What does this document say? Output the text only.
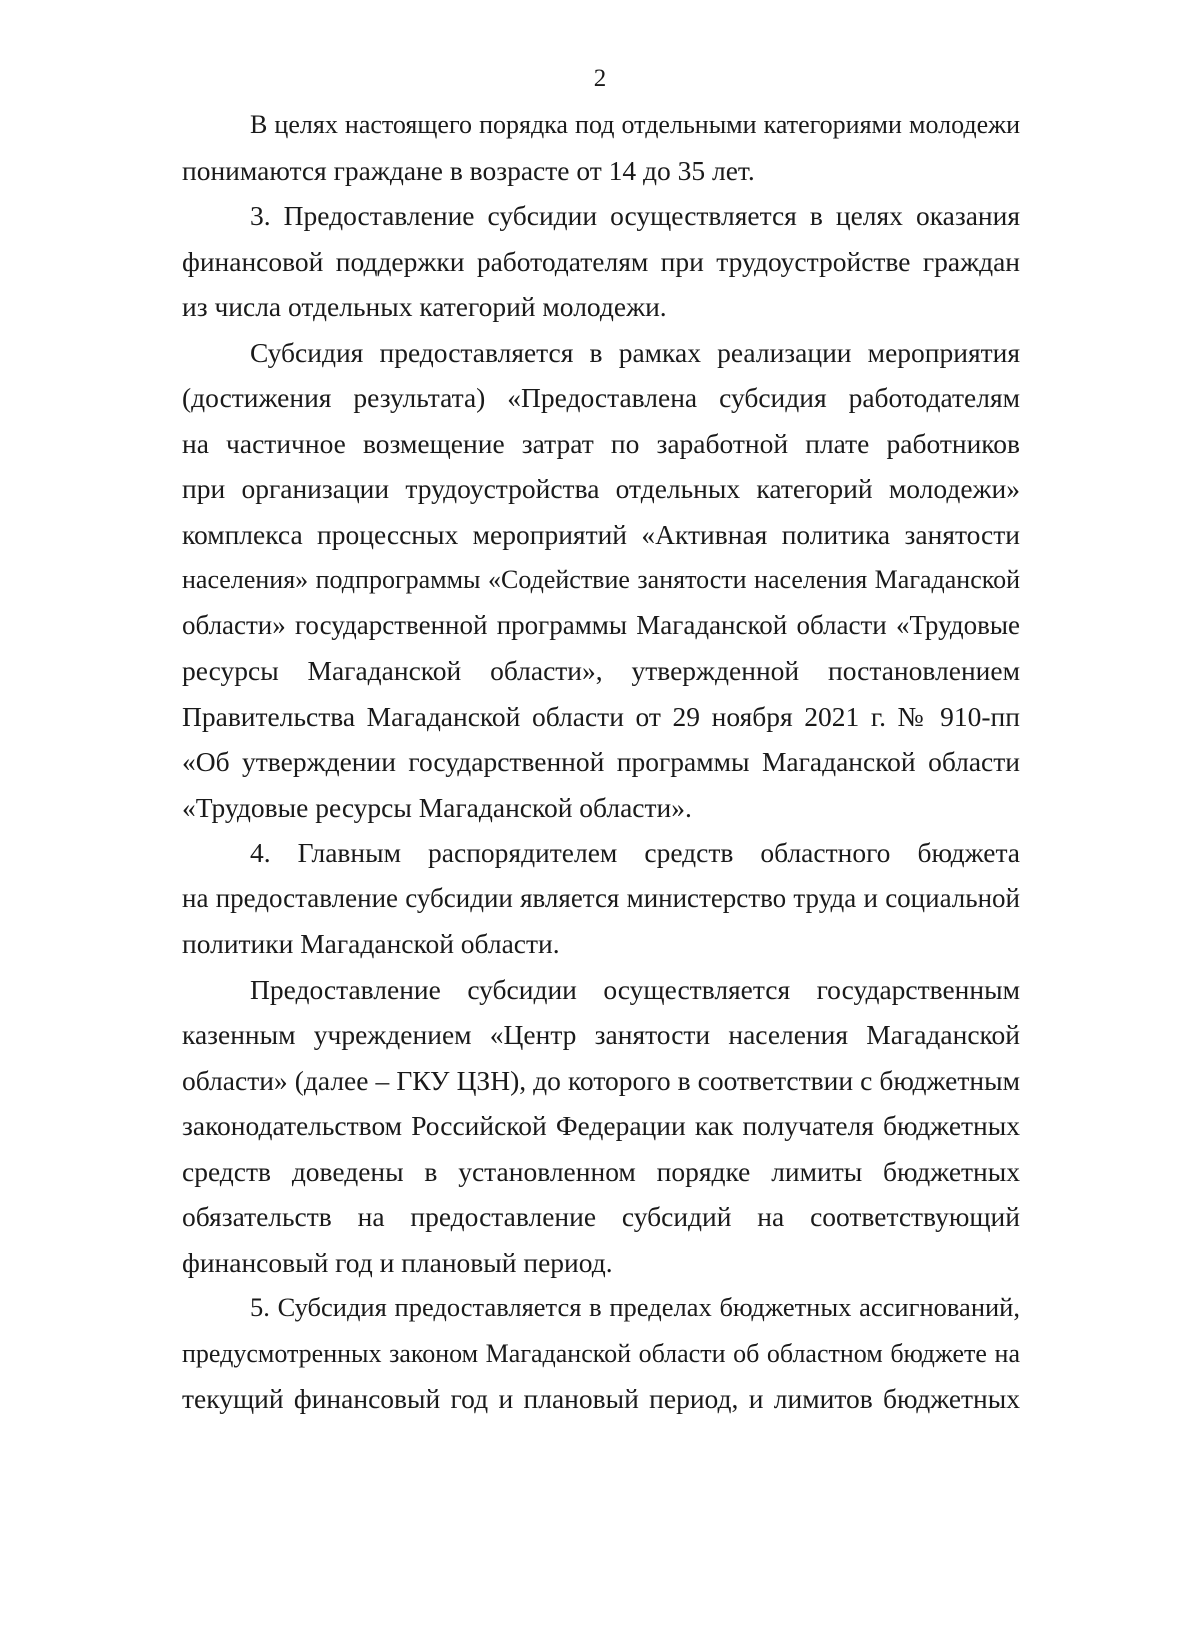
2
В целях настоящего порядка под отдельными категориями молодежи
понимаются граждане в возрасте от 14 до 35 лет.
3. Предоставление субсидии осуществляется в целях оказания
финансовой поддержки работодателям при трудоустройстве граждан
из числа отдельных категорий молодежи.
Субсидия предоставляется в рамках реализации мероприятия
(достижения результата) «Предоставлена субсидия работодателям
на частичное возмещение затрат по заработной плате работников
при организации трудоустройства отдельных категорий молодежи»
комплекса процессных мероприятий «Активная политика занятости
населения» подпрограммы «Содействие занятости населения Магаданской
области» государственной программы Магаданской области «Трудовые
ресурсы Магаданской области», утвержденной постановлением
Правительства Магаданской области от 29 ноября 2021 г. № 910-пп
«Об утверждении государственной программы Магаданской области
«Трудовые ресурсы Магаданской области».
4. Главным распорядителем средств областного бюджета
на предоставление субсидии является министерство труда и социальной
политики Магаданской области.
Предоставление субсидии осуществляется государственным
казенным учреждением «Центр занятости населения Магаданской
области» (далее – ГКУ ЦЗН), до которого в соответствии с бюджетным
законодательством Российской Федерации как получателя бюджетных
средств доведены в установленном порядке лимиты бюджетных
обязательств на предоставление субсидий на соответствующий
финансовый год и плановый период.
5. Субсидия предоставляется в пределах бюджетных ассигнований,
предусмотренных законом Магаданской области об областном бюджете на
текущий финансовый год и плановый период, и лимитов бюджетных
